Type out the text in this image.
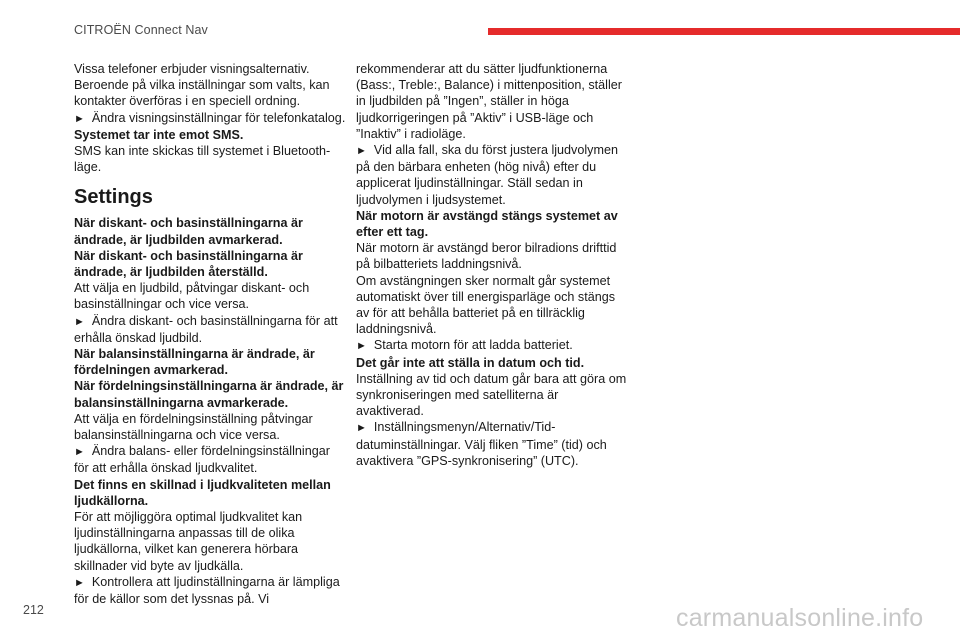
CITROËN Connect Nav

Vissa telefoner erbjuder visningsalternativ. Beroende på vilka inställningar som valts, kan kontakter överföras i en speciell ordning.

► Ändra visningsinställningar för telefonkatalog.

Systemet tar inte emot SMS.

SMS kan inte skickas till systemet i Bluetooth-läge.

Settings

När diskant- och basinställningarna är ändrade, är ljudbilden avmarkerad.

När diskant- och basinställningarna är ändrade, är ljudbilden återställd.

Att välja en ljudbild, påtvingar diskant- och basinställningar och vice versa.

► Ändra diskant- och basinställningarna för att erhålla önskad ljudbild.

När balansinställningarna är ändrade, är fördelningen avmarkerad.

När fördelningsinställningarna är ändrade, är balansinställningarna avmarkerade.

Att välja en fördelningsinställning påtvingar balansinställningarna och vice versa.

► Ändra balans- eller fördelningsinställningar för att erhålla önskad ljudkvalitet.

Det finns en skillnad i ljudkvaliteten mellan ljudkällorna.

För att möjliggöra optimal ljudkvalitet kan ljudinställningarna anpassas till de olika ljudkällorna, vilket kan generera hörbara skillnader vid byte av ljudkälla.

► Kontrollera att ljudinställningarna är lämpliga för de källor som det lyssnas på. Vi

rekommenderar att du sätter ljudfunktionerna (Bass:, Treble:, Balance) i mittenposition, ställer in ljudbilden på ”Ingen”, ställer in höga ljudkorrigeringen på ”Aktiv” i USB-läge och ”Inaktiv” i radioläge.

► Vid alla fall, ska du först justera ljudvolymen på den bärbara enheten (hög nivå) efter du applicerat ljudinställningar. Ställ sedan in ljudvolymen i ljudsystemet.

När motorn är avstängd stängs systemet av efter ett tag.

När motorn är avstängd beror bilradions drifttid på bilbatteriets laddningsnivå.

Om avstängningen sker normalt går systemet automatiskt över till energisparläge och stängs av för att behålla batteriet på en tillräcklig laddningsnivå.

► Starta motorn för att ladda batteriet.

Det går inte att ställa in datum och tid.

Inställning av tid och datum går bara att göra om synkroniseringen med satelliterna är avaktiverad.

► Inställningsmenyn/Alternativ/Tid-datuminställningar. Välj fliken ”Time” (tid) och avaktivera ”GPS-synkronisering” (UTC).

212	carmanualsonline.info
